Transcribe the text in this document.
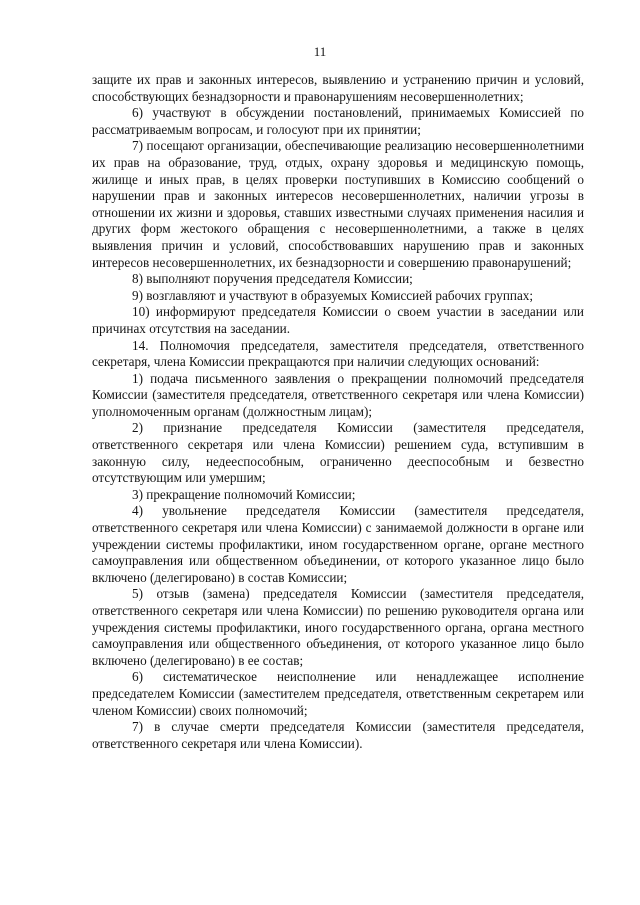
11

защите их прав и законных интересов, выявлению и устранению причин и условий, способствующих безнадзорности и правонарушениям несовершеннолетних;

6) участвуют в обсуждении постановлений, принимаемых Комиссией по рассматриваемым вопросам, и голосуют при их принятии;

7) посещают организации, обеспечивающие реализацию несовершеннолетними их прав на образование, труд, отдых, охрану здоровья и медицинскую помощь, жилище и иных прав, в целях проверки поступивших в Комиссию сообщений о нарушении прав и законных интересов несовершеннолетних, наличии угрозы в отношении их жизни и здоровья, ставших известными случаях применения насилия и других форм жестокого обращения с несовершеннолетними, а также в целях выявления причин и условий, способствовавших нарушению прав и законных интересов несовершеннолетних, их безнадзорности и совершению правонарушений;

8) выполняют поручения председателя Комиссии;

9) возглавляют и участвуют в образуемых Комиссией рабочих группах;

10) информируют председателя Комиссии о своем участии в заседании или причинах отсутствия на заседании.

14. Полномочия председателя, заместителя председателя, ответственного секретаря, члена Комиссии прекращаются при наличии следующих оснований:

1) подача письменного заявления о прекращении полномочий председателя Комиссии (заместителя председателя, ответственного секретаря или члена Комиссии) уполномоченным органам (должностным лицам);

2) признание председателя Комиссии (заместителя председателя, ответственного секретаря или члена Комиссии) решением суда, вступившим в законную силу, недееспособным, ограниченно дееспособным и безвестно отсутствующим или умершим;

3) прекращение полномочий Комиссии;

4) увольнение председателя Комиссии (заместителя председателя, ответственного секретаря или члена Комиссии) с занимаемой должности в органе или учреждении системы профилактики, ином государственном органе, органе местного самоуправления или общественном объединении, от которого указанное лицо было включено (делегировано) в состав Комиссии;

5) отзыв (замена) председателя Комиссии (заместителя председателя, ответственного секретаря или члена Комиссии) по решению руководителя органа или учреждения системы профилактики, иного государственного органа, органа местного самоуправления или общественного объединения, от которого указанное лицо было включено (делегировано) в ее состав;

6) систематическое неисполнение или ненадлежащее исполнение председателем Комиссии (заместителем председателя, ответственным секретарем или членом Комиссии) своих полномочий;

7) в случае смерти председателя Комиссии (заместителя председателя, ответственного секретаря или члена Комиссии).
